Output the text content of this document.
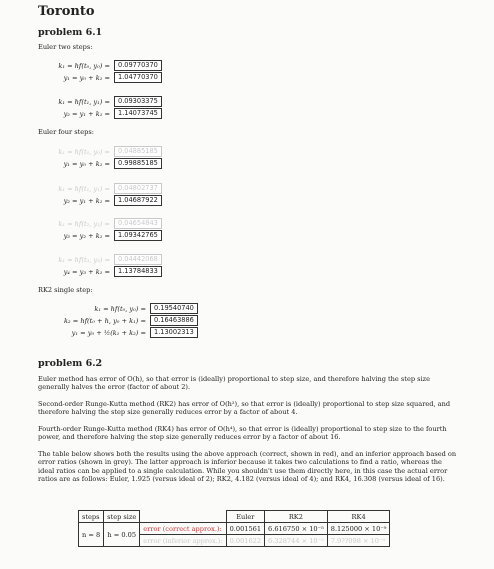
Toronto
problem 6.1
Euler two steps:
k₁ = hf(t₀, y₀) =	0.09770370
y₁ = y₀ + k₁ =	1.04770370
k₁ = hf(t₁, y₁) =	0.09303375
y₂ = y₁ + k₁ =	1.14073745
Euler four steps:
k₁ = hf(t₀, y₀) =	0.04885185
y₁ = y₀ + k₁ =	0.99885185
k₁ = hf(t₁, y₁) =	0.04802737
y₂ = y₁ + k₁ =	1.04687922
k₁ = hf(t₂, y₂) =	0.04654843
y₃ = y₂ + k₁ =	1.09342765
k₁ = hf(t₃, y₃) =	0.04442068
y₄ = y₃ + k₁ =	1.13784833
RK2 single step:
k₁ = hf(t₀, y₀) =	0.19540740
k₂ = hf(t₀ + h, y₀ + k₁) =	0.16463886
y₁ = y₀ + ½(k₁ + k₂) =	1.13002313
problem 6.2
Euler method has error of O(h), so that error is (ideally) proportional to step size, and therefore halving the step size generally halves the error (factor of about 2).
Second-order Runge-Kutta method (RK2) has error of O(h²), so that error is (ideally) proportional to step size squared, and therefore halving the step size generally reduces error by a factor of about 4.
Fourth-order Runge-Kutta method (RK4) has error of O(h⁴), so that error is (ideally) proportional to step size to the fourth power, and therefore halving the step size generally reduces error by a factor of about 16.
The table below shows both the results using the above approach (correct, shown in red), and an inferior approach based on error ratios (shown in grey). The latter approach is inferior because it takes two calculations to find a ratio, whereas the ideal ratios can be applied to a single calculation. While you shouldn't use them directly here, in this case the actual error ratios are as follows: Euler, 1.925 (versus ideal of 2); RK2, 4.182 (versus ideal of 4); and RK4, 16.308 (versus ideal of 16).
steps	step size		Euler	RK2	RK4
n = 8	h = 0.05	error (correct approx.):	0.001561	6.616750 × 10⁻⁵	8.125000 × 10⁻⁹
		error (inferior approx.):	0.001622	6.328744 × 10⁻⁵	7.9??098 × 10⁻⁹
